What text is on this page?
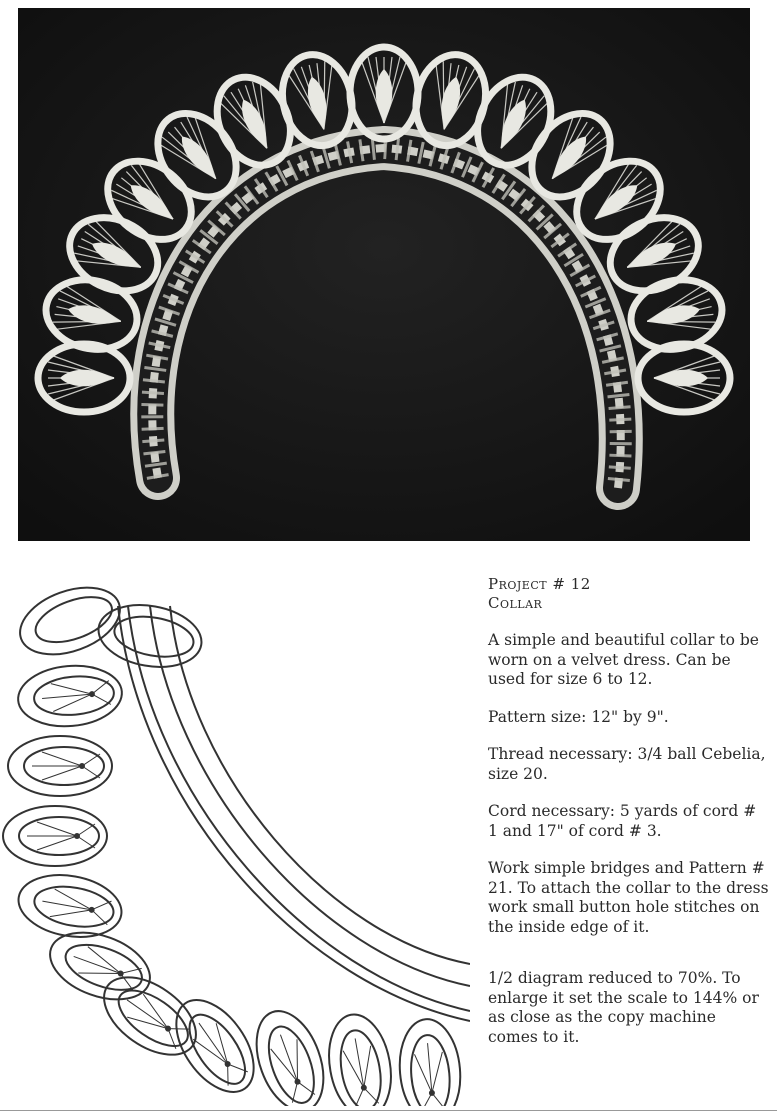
Project # 12
Collar

A simple and beautiful collar to be worn on a velvet dress. Can be used for size 6 to 12.

Pattern size: 12" by 9".

Thread necessary: 3/4 ball Cebelia, size 20.

Cord necessary: 5 yards of cord # 1 and 17" of cord # 3.

Work simple bridges and Pattern # 21. To attach the collar to the dress work small button hole stitches on the inside edge of it.

1/2 diagram reduced to 70%. To enlarge it set the scale to 144% or as close as the copy machine comes to it.
